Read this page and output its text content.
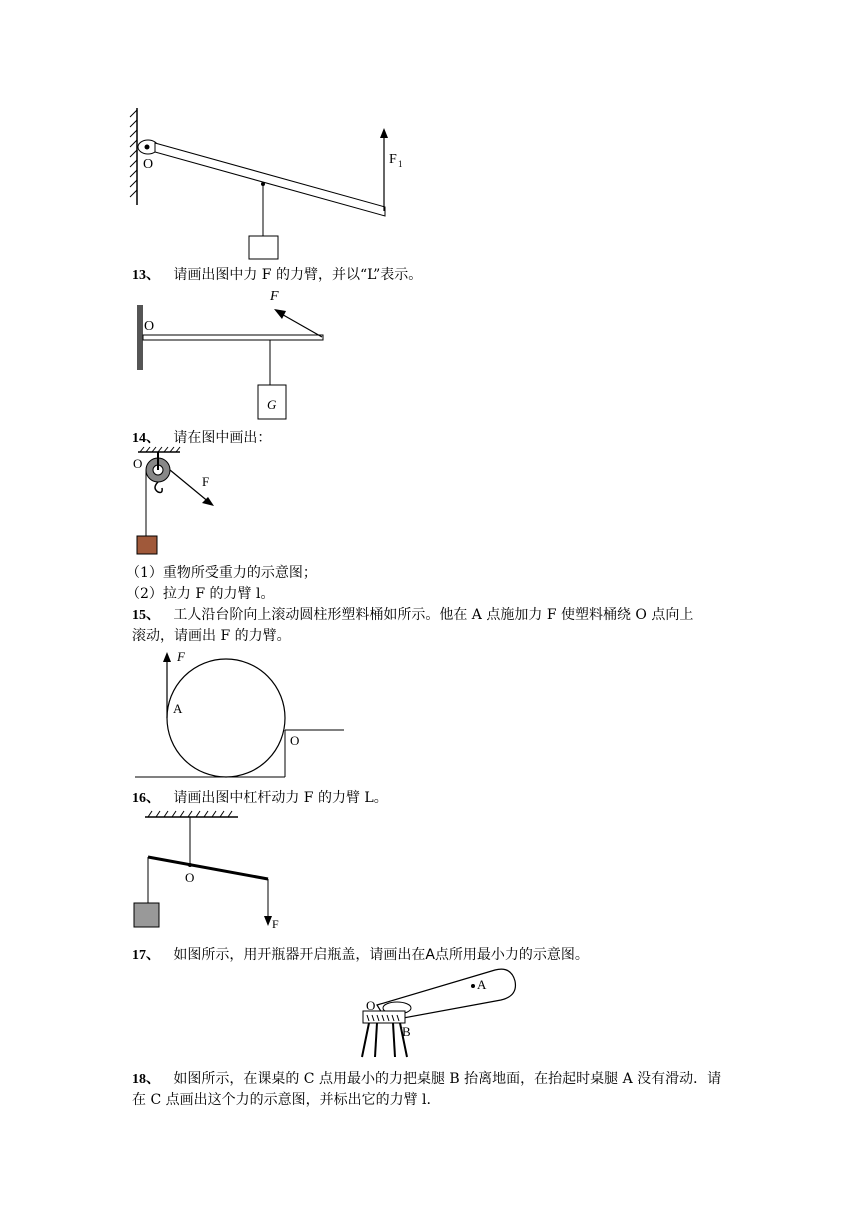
O	F 1
13、 请画出图中力 F 的力臂，并以“L”表示。
O
F
G
14、 请在图中画出：
O
F
（1）重物所受重力的示意图；
（2）拉力 F 的力臂 l。
15、 工人沿台阶向上滚动圆柱形塑料桶如所示。他在 A 点施加力 F 使塑料桶绕 O 点向上
滚动，请画出 F 的力臂。
F
A
O
16、 请画出图中杠杆动力 F 的力臂 L。
O
F
17、 如图所示，用开瓶器开启瓶盖，请画出在A点所用最小力的示意图。
O
A
B
18、 如图所示，在课桌的 C 点用最小的力把桌腿 B 抬离地面，在抬起时桌腿 A 没有滑动．请
在 C 点画出这个力的示意图，并标出它的力臂 l.
